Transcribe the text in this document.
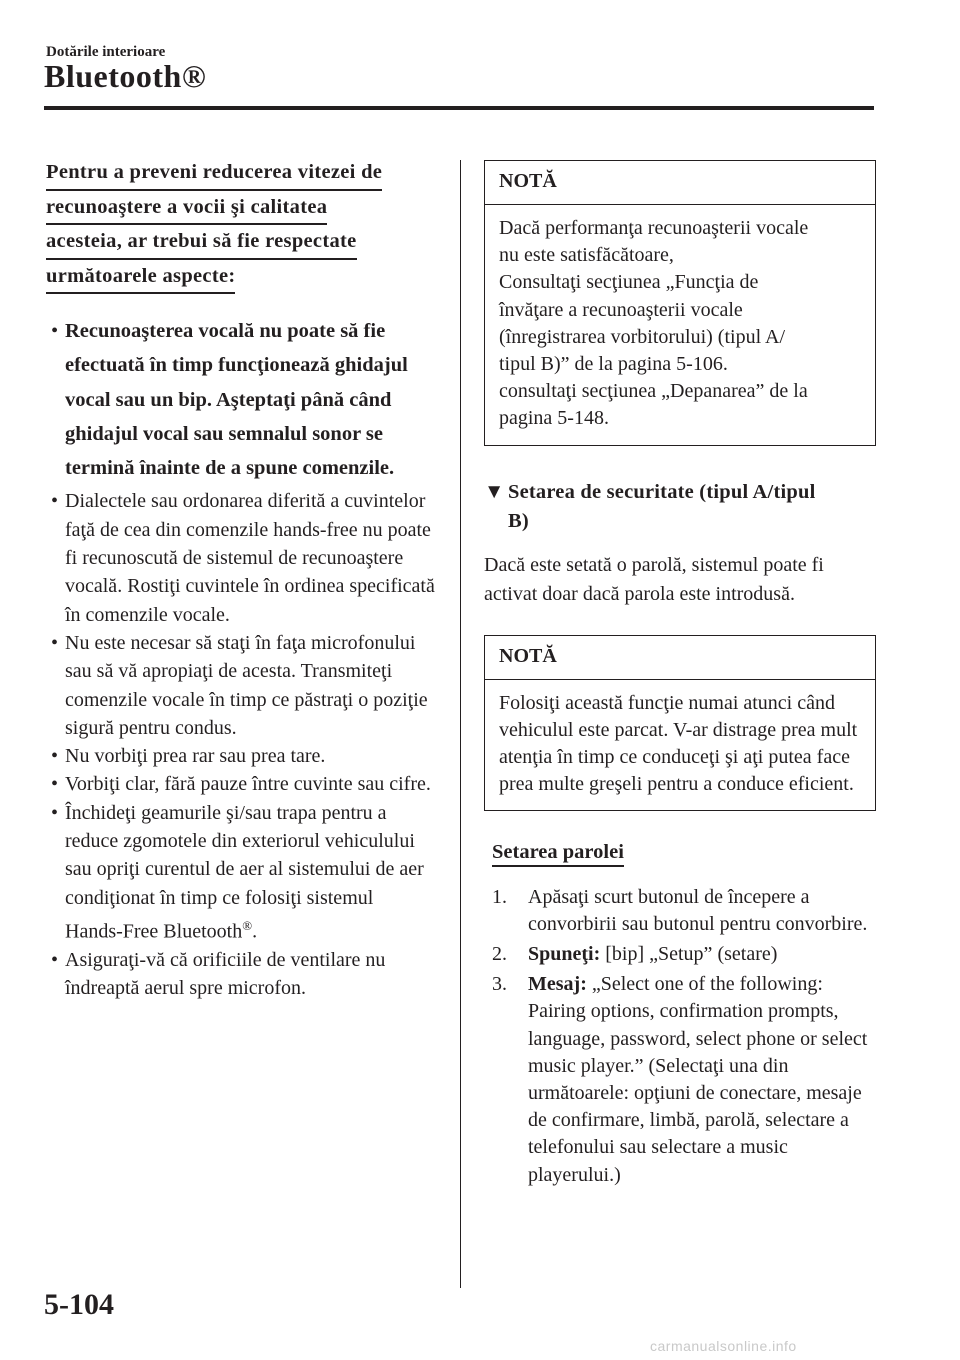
Dotările interioare
Bluetooth®
Pentru a preveni reducerea vitezei de
recunoaştere a vocii şi calitatea
acesteia, ar trebui să fie respectate
următoarele aspecte:
• Recunoaşterea vocală nu poate să fie efectuată în timp funcţionează ghidajul vocal sau un bip. Aşteptaţi până când ghidajul vocal sau semnalul sonor se termină înainte de a spune comenzile.
• Dialectele sau ordonarea diferită a cuvintelor faţă de cea din comenzile hands-free nu poate fi recunoscută de sistemul de recunoaştere vocală. Rostiţi cuvintele în ordinea specificată în comenzile vocale.
• Nu este necesar să staţi în faţa microfonului sau să vă apropiaţi de acesta. Transmiteţi comenzile vocale în timp ce păstraţi o poziţie sigură pentru condus.
• Nu vorbiţi prea rar sau prea tare.
• Vorbiţi clar, fără pauze între cuvinte sau cifre.
• Închideţi geamurile şi/sau trapa pentru a reduce zgomotele din exteriorul vehiculului sau opriţi curentul de aer al sistemului de aer condiţionat în timp ce folosiţi sistemul Hands-Free Bluetooth®.
• Asiguraţi-vă că orificiile de ventilare nu îndreaptă aerul spre microfon.
NOTĂ
Dacă performanţa recunoaşterii vocale
nu este satisfăcătoare,
Consultaţi secţiunea „Funcţia de
învăţare a recunoaşterii vocale
(înregistrarea vorbitorului) (tipul A/
tipul B)” de la pagina 5-106.
consultaţi secţiunea „Depanarea” de la
pagina 5-148.
▼ Setarea de securitate (tipul A/tipul
B)
Dacă este setată o parolă, sistemul poate fi activat doar dacă parola este introdusă.
NOTĂ
Folosiţi această funcţie numai atunci când vehiculul este parcat. V-ar distrage prea mult atenţia în timp ce conduceţi şi aţi putea face prea multe greşeli pentru a conduce eficient.
Setarea parolei
1. Apăsaţi scurt butonul de începere a convorbirii sau butonul pentru convorbire.
2. Spuneţi: [bip] „Setup” (setare)
3. Mesaj: „Select one of the following: Pairing options, confirmation prompts, language, password, select phone or select music player.” (Selectaţi una din următoarele: opţiuni de conectare, mesaje de confirmare, limbă, parolă, selectare a telefonului sau selectare a music playerului.)
5-104
carmanualsonline.info
